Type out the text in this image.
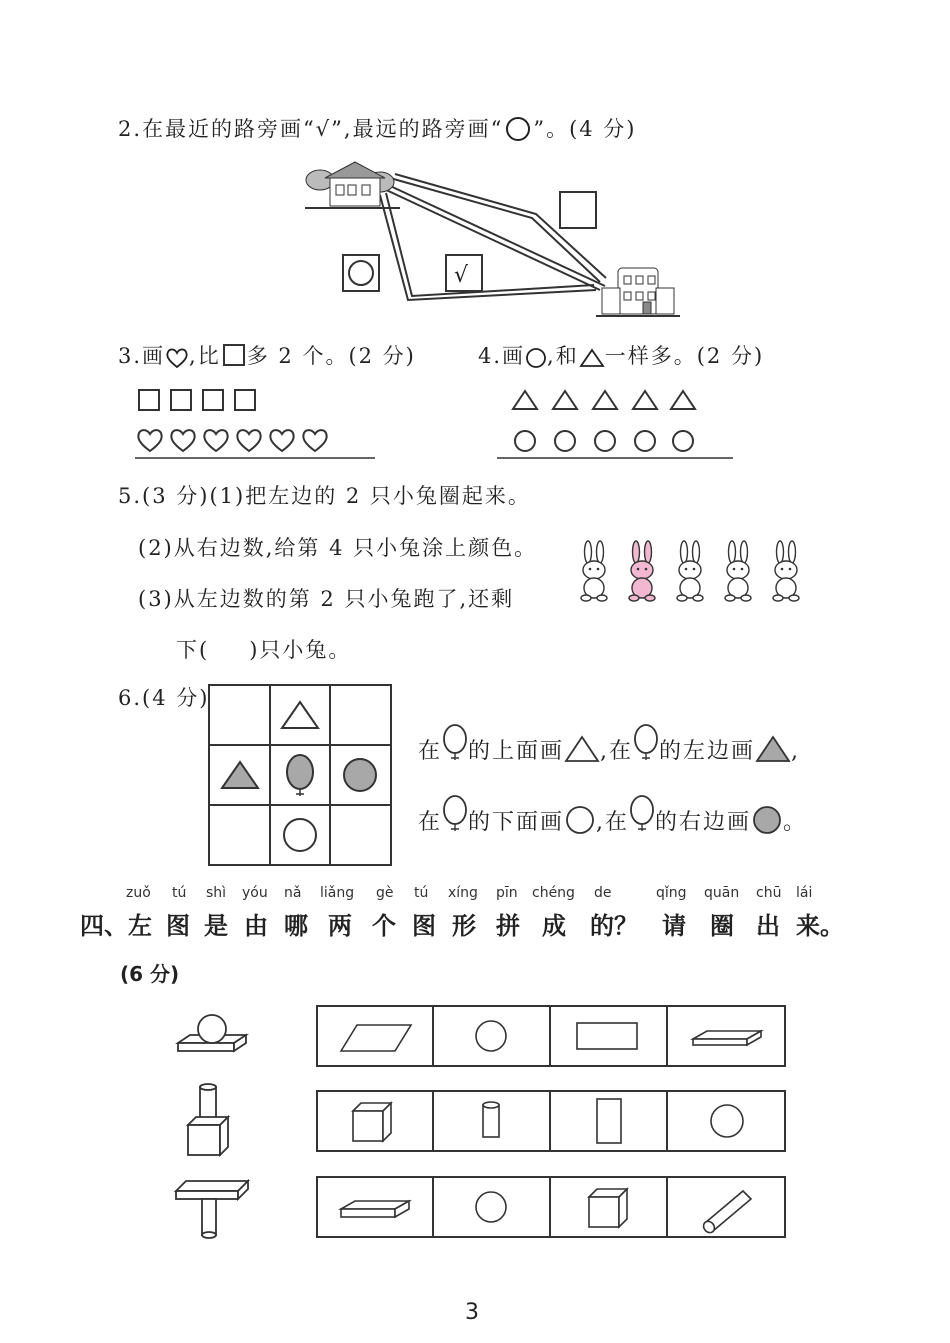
2.在最近的路旁画“√”,最远的路旁画“ ”。(4 分)
√
3.画 ,比 多 2 个。(2 分)	4.画 ,和 一样多。(2 分)
5.(3 分)(1)把左边的 2 只小兔圈起来。
(2)从右边数,给第 4 只小兔涂上颜色。
(3)从左边数的第 2 只小兔跑了,还剩
下( )只小兔。
6.(4 分)
在 的上面画 ,在 的左边画 ,
在 的下面画 ,在 的右边画 。
zuǒ tú shì yóu nǎ liǎng gè tú xíng pīn chéng de	qǐng quān chū lái
四、 左 图 是 由 哪 两 个 图 形 拼 成 的？ 请 圈 出 来。
(6 分)
3
